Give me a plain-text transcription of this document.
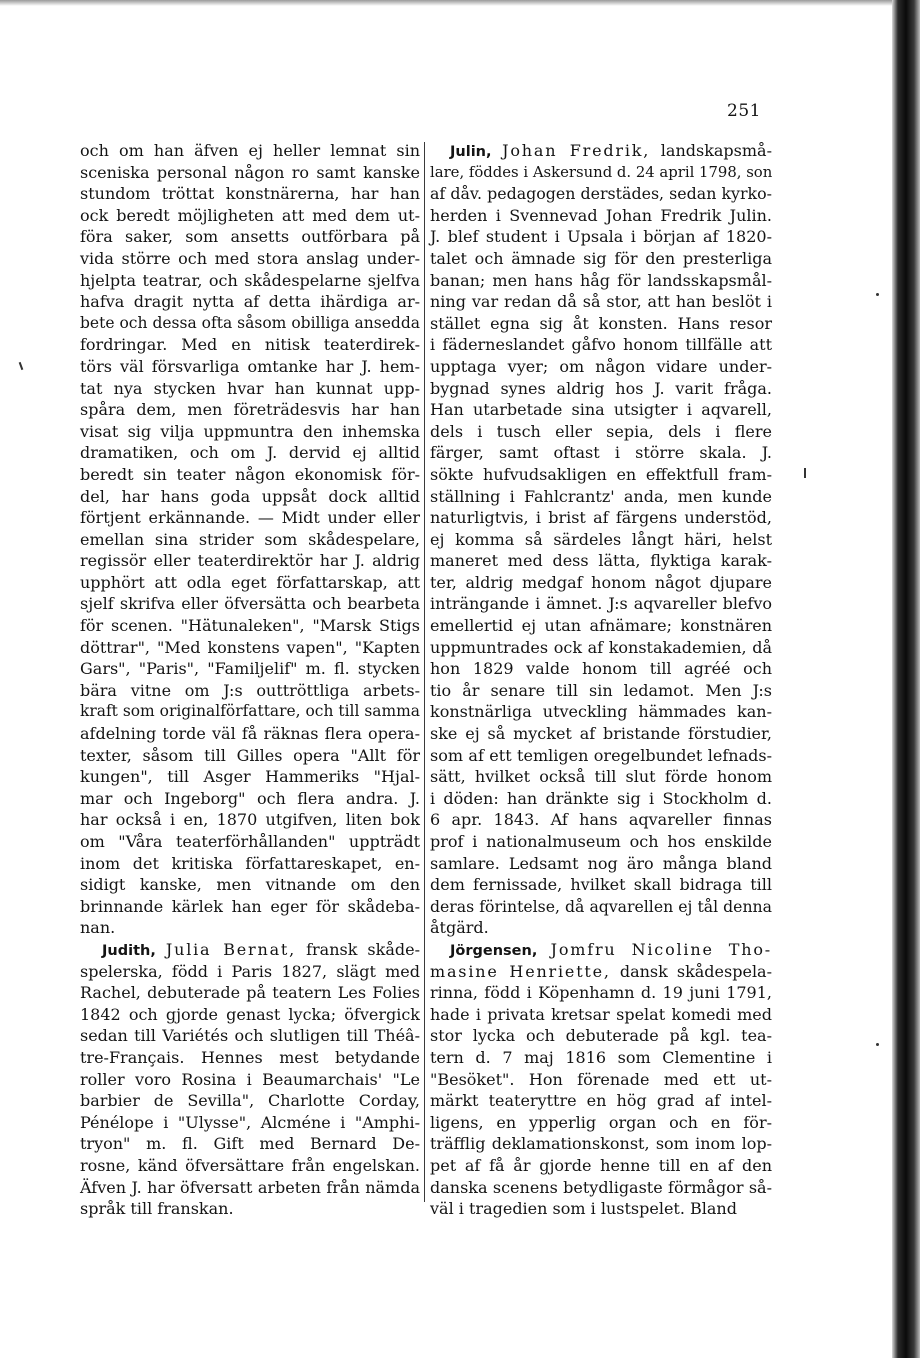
251
och om han äfven ej heller lemnat sin
sceniska personal någon ro samt kanske
stundom tröttat konstnärerna, har han
ock beredt möjligheten att med dem ut-
föra saker, som ansetts outförbara på
vida större och med stora anslag under-
hjelpta teatrar, och skådespelarne sjelfva
hafva dragit nytta af detta ihärdiga ar-
bete och dessa ofta såsom obilliga ansedda
fordringar. Med en nitisk teaterdirek-
törs väl försvarliga omtanke har J. hem-
tat nya stycken hvar han kunnat upp-
spåra dem, men företrädesvis har han
visat sig vilja uppmuntra den inhemska
dramatiken, och om J. dervid ej alltid
beredt sin teater någon ekonomisk för-
del, har hans goda uppsåt dock alltid
förtjent erkännande. — Midt under eller
emellan sina strider som skådespelare,
regissör eller teaterdirektör har J. aldrig
upphört att odla eget författarskap, att
sjelf skrifva eller öfversätta och bearbeta
för scenen. "Hätunaleken", "Marsk Stigs
döttrar", "Med konstens vapen", "Kapten
Gars", "Paris", "Familjelif" m. fl. stycken
bära vitne om J:s outtröttliga arbets-
kraft som originalförfattare, och till samma
afdelning torde väl få räknas flera opera-
texter, såsom till Gilles opera "Allt för
kungen", till Asger Hammeriks "Hjal-
mar och Ingeborg" och flera andra. J.
har också i en, 1870 utgifven, liten bok
om "Våra teaterförhållanden" uppträdt
inom det kritiska författareskapet, en-
sidigt kanske, men vitnande om den
brinnande kärlek han eger för skådeba-
nan.
Judith, Julia Bernat, fransk skåde-
spelerska, född i Paris 1827, slägt med
Rachel, debuterade på teatern Les Folies
1842 och gjorde genast lycka; öfvergick
sedan till Variétés och slutligen till Théâ-
tre-Français. Hennes mest betydande
roller voro Rosina i Beaumarchais' "Le
barbier de Sevilla", Charlotte Corday,
Pénélope i "Ulysse", Alcméne i "Amphi-
tryon" m. fl. Gift med Bernard De-
rosne, känd öfversättare från engelskan.
Äfven J. har öfversatt arbeten från nämda
språk till franskan.
Julin, Johan Fredrik, landskapsmå-
lare, föddes i Askersund d. 24 april 1798, son
af dåv. pedagogen derstädes, sedan kyrko-
herden i Svennevad Johan Fredrik Julin.
J. blef student i Upsala i början af 1820-
talet och ämnade sig för den presterliga
banan; men hans håg för landsskapsmål-
ning var redan då så stor, att han beslöt i
stället egna sig åt konsten. Hans resor
i fäderneslandet gåfvo honom tillfälle att
upptaga vyer; om någon vidare under-
bygnad synes aldrig hos J. varit fråga.
Han utarbetade sina utsigter i aqvarell,
dels i tusch eller sepia, dels i flere
färger, samt oftast i större skala. J.
sökte hufvudsakligen en effektfull fram-
ställning i Fahlcrantz' anda, men kunde
naturligtvis, i brist af färgens understöd,
ej komma så särdeles långt häri, helst
maneret med dess lätta, flyktiga karak-
ter, aldrig medgaf honom något djupare
inträngande i ämnet. J:s aqvareller blefvo
emellertid ej utan afnämare; konstnären
uppmuntrades ock af konstakademien, då
hon 1829 valde honom till agréé och
tio år senare till sin ledamot. Men J:s
konstnärliga utveckling hämmades kan-
ske ej så mycket af bristande förstudier,
som af ett temligen oregelbundet lefnads-
sätt, hvilket också till slut förde honom
i döden: han dränkte sig i Stockholm d.
6 apr. 1843. Af hans aqvareller finnas
prof i nationalmuseum och hos enskilde
samlare. Ledsamt nog äro många bland
dem fernissade, hvilket skall bidraga till
deras förintelse, då aqvarellen ej tål denna
åtgärd.
Jörgensen, Jomfru Nicoline Tho-
masine Henriette, dansk skådespela-
rinna, född i Köpenhamn d. 19 juni 1791,
hade i privata kretsar spelat komedi med
stor lycka och debuterade på kgl. tea-
tern d. 7 maj 1816 som Clementine i
"Besöket". Hon förenade med ett ut-
märkt teateryttre en hög grad af intel-
ligens, en ypperlig organ och en för-
träfflig deklamationskonst, som inom lop-
pet af få år gjorde henne till en af den
danska scenens betydligaste förmågor så-
väl i tragedien som i lustspelet. Bland
